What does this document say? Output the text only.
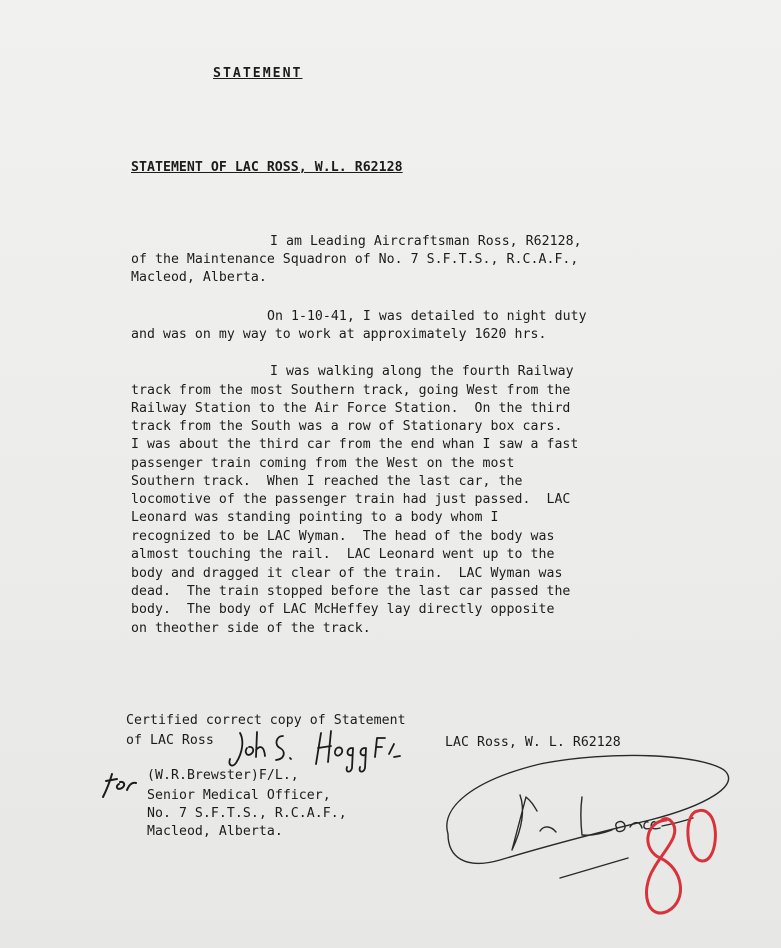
STATEMENT
STATEMENT OF LAC ROSS, W.L. R62128
I am Leading Aircraftsman Ross, R62128,
of the Maintenance Squadron of No. 7 S.F.T.S., R.C.A.F.,
Macleod, Alberta.
On 1-10-41, I was detailed to night duty
and was on my way to work at approximately 1620 hrs.
I was walking along the fourth Railway
track from the most Southern track, going West from the
Railway Station to the Air Force Station.  On the third
track from the South was a row of Stationary box cars.
I was about the third car from the end whan I saw a fast
passenger train coming from the West on the most
Southern track.  When I reached the last car, the
locomotive of the passenger train had just passed.  LAC
Leonard was standing pointing to a body whom I
recognized to be LAC Wyman.  The head of the body was
almost touching the rail.  LAC Leonard went up to the
body and dragged it clear of the train.  LAC Wyman was
dead.  The train stopped before the last car passed the
body.  The body of LAC McHeffey lay directly opposite
on theother side of the track.
Certified correct copy of Statement
of LAC Ross	LAC Ross, W. L. R62128
(W.R.Brewster)F/L.,
Senior Medical Officer,
No. 7 S.F.T.S., R.C.A.F.,
Macleod, Alberta.
